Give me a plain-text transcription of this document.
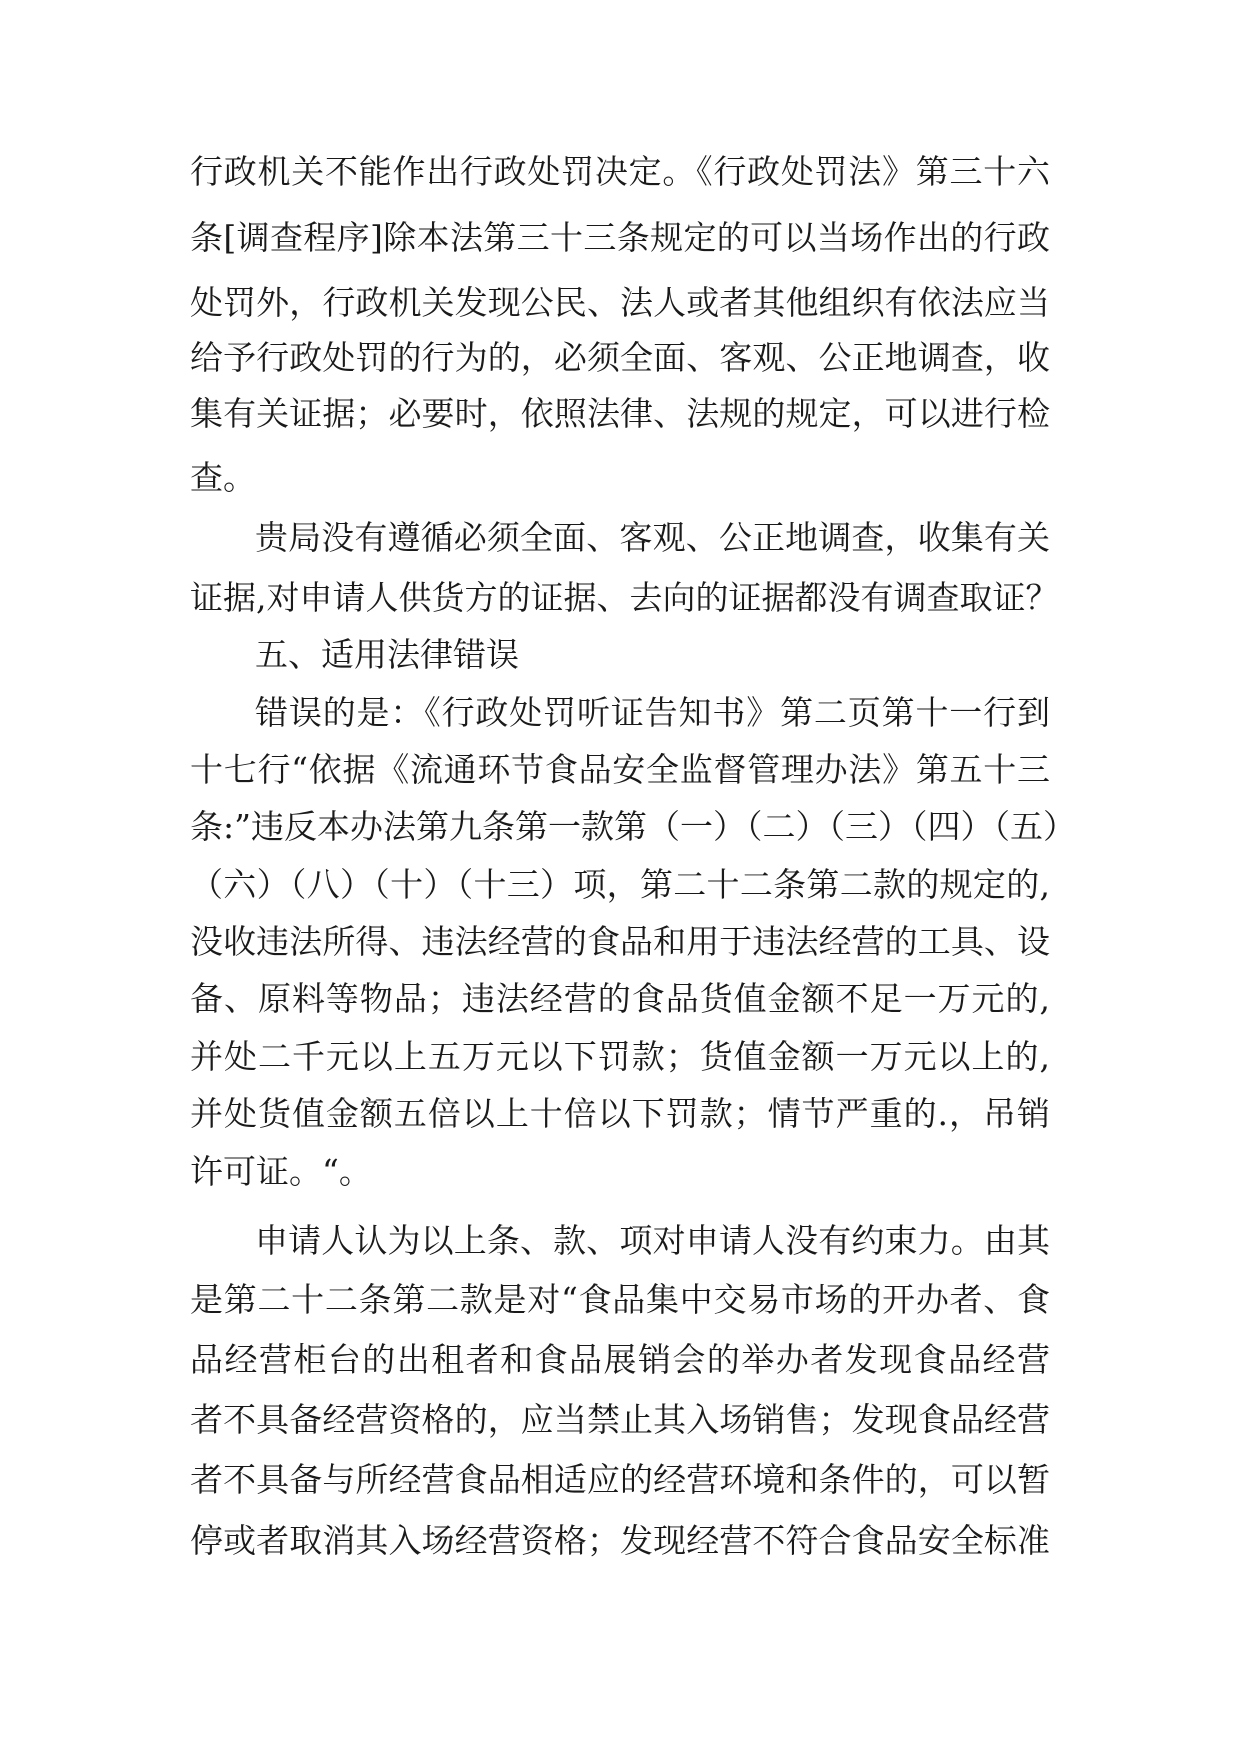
行政机关不能作出行政处罚决定。《行政处罚法》第三十六
条[调查程序]除本法第三十三条规定的可以当场作出的行政
处罚外，行政机关发现公民、法人或者其他组织有依法应当
给予行政处罚的行为的，必须全面、客观、公正地调查，收
集有关证据；必要时，依照法律、法规的规定，可以进行检
查。
贵局没有遵循必须全面、客观、公正地调查，收集有关
证据,对申请人供货方的证据、去向的证据都没有调查取证？
五、适用法律错误
错误的是：《行政处罚听证告知书》第二页第十一行到
十七行“依据《流通环节食品安全监督管理办法》第五十三
条:”违反本办法第九条第一款第（一）（二）（三）（四）（五）
（六）（八）（十）（十三）项，第二十二条第二款的规定的,
没收违法所得、违法经营的食品和用于违法经营的工具、设
备、原料等物品；违法经营的食品货值金额不足一万元的,
并处二千元以上五万元以下罚款；货值金额一万元以上的,
并处货值金额五倍以上十倍以下罚款；情节严重的.，吊销
许可证。“。
申请人认为以上条、款、项对申请人没有约束力。由其
是第二十二条第二款是对“食品集中交易市场的开办者、食
品经营柜台的出租者和食品展销会的举办者发现食品经营
者不具备经营资格的，应当禁止其入场销售；发现食品经营
者不具备与所经营食品相适应的经营环境和条件的，可以暂
停或者取消其入场经营资格；发现经营不符合食品安全标准
